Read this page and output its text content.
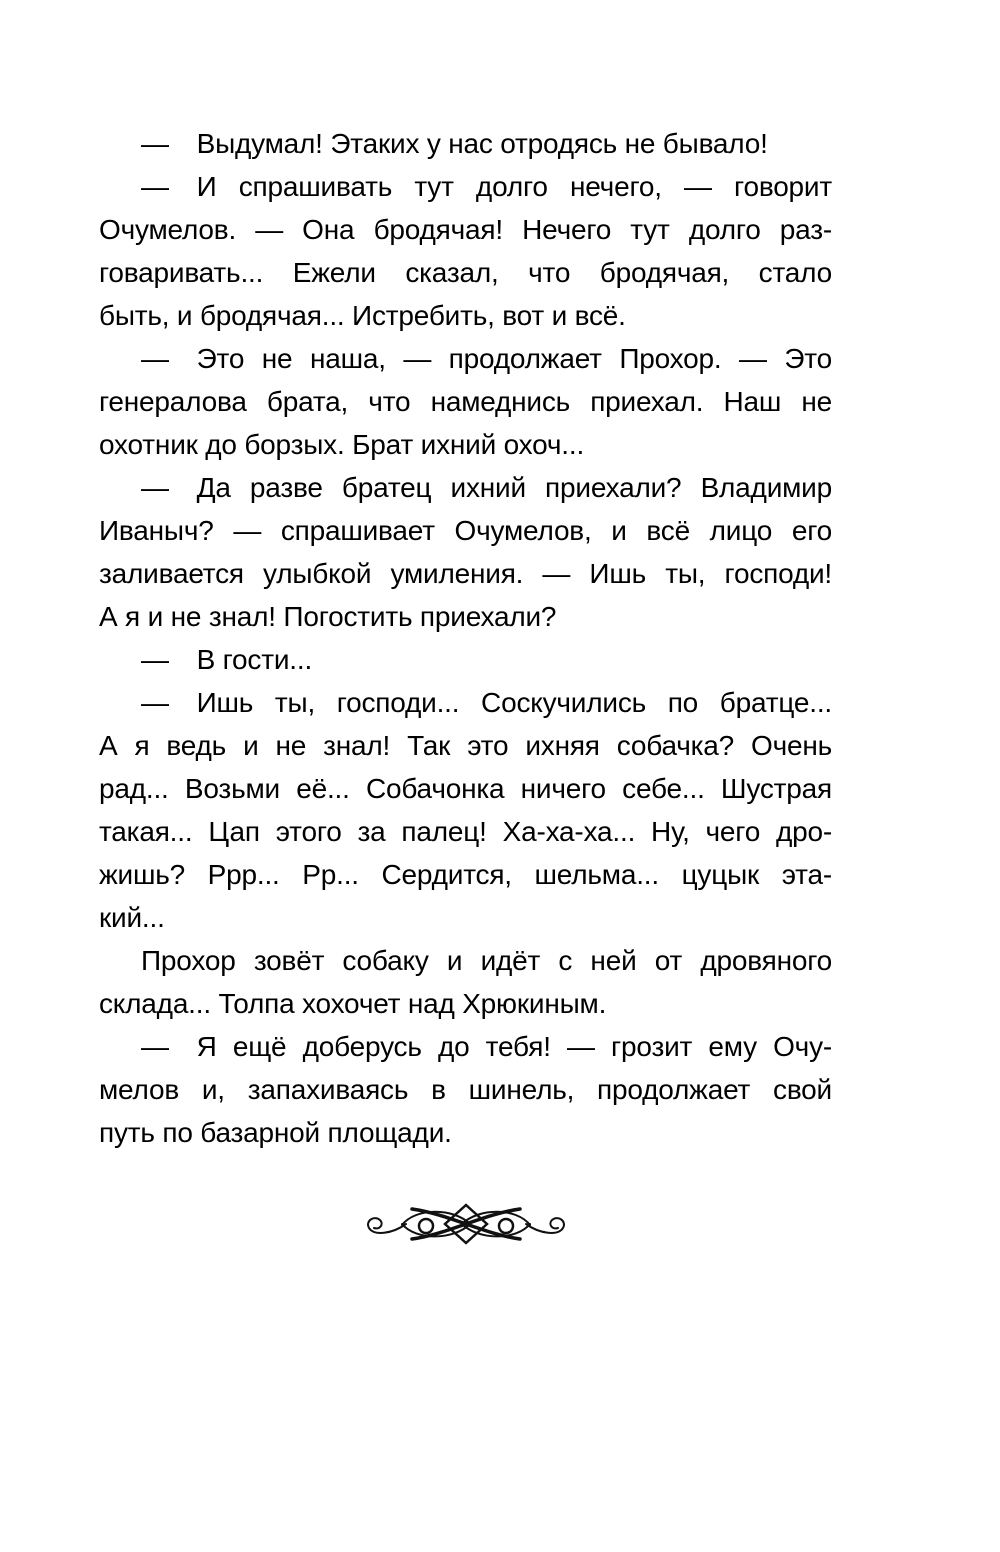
— Выдумал! Этаких у нас отродясь не бывало!
— И спрашивать тут долго нечего, — говорит
Очумелов. — Она бродячая! Нечего тут долго раз-
говаривать... Ежели сказал, что бродячая, стало
быть, и бродячая... Истребить, вот и всё.
— Это не наша, — продолжает Прохор. — Это
генералова брата, что намеднись приехал. Наш не
охотник до борзых. Брат ихний охоч...
— Да разве братец ихний приехали? Владимир
Иваныч? — спрашивает Очумелов, и всё лицо его
заливается улыбкой умиления. — Ишь ты, господи!
А я и не знал! Погостить приехали?
— В гости...
— Ишь ты, господи... Соскучились по братце...
А я ведь и не знал! Так это ихняя собачка? Очень
рад... Возьми её... Собачонка ничего себе... Шустрая
такая... Цап этого за палец! Ха-ха-ха... Ну, чего дро-
жишь? Ррр... Рр... Сердится, шельма... цуцык эта-
кий...
Прохор зовёт собаку и идёт с ней от дровяного
склада... Толпа хохочет над Хрюкиным.
— Я ещё доберусь до тебя! — грозит ему Очу-
мелов и, запахиваясь в шинель, продолжает свой
путь по базарной площади.
